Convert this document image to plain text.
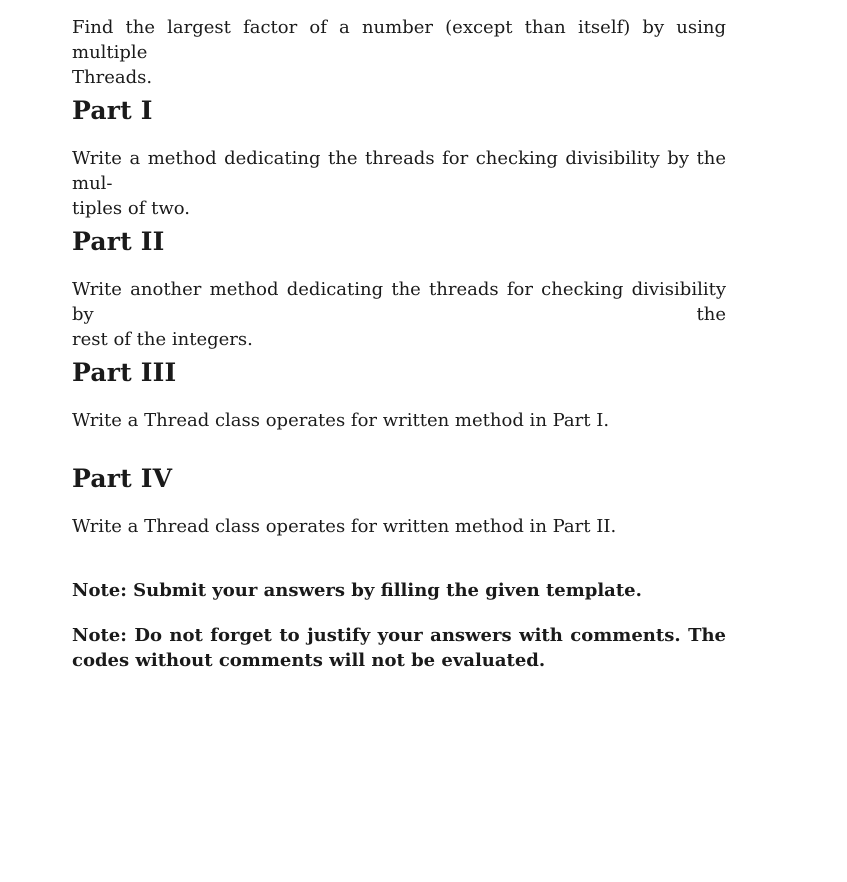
Find the largest factor of a number (except than itself) by using multiple

Threads.

Part I

Write a method dedicating the threads for checking divisibility by the mul-

tiples of two.

Part II

Write another method dedicating the threads for checking divisibility by the

rest of the integers.

Part III

Write a Thread class operates for written method in Part I.

Part IV

Write a Thread class operates for written method in Part II.

Note: Submit your answers by filling the given template.

Note: Do not forget to justify your answers with comments. The

codes without comments will not be evaluated.
